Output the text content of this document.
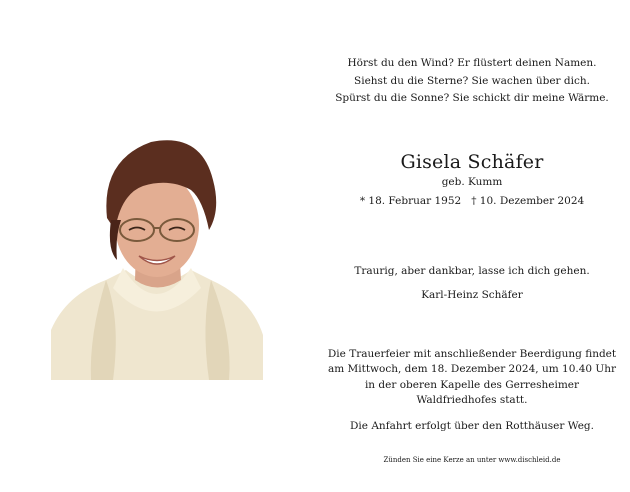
Hörst du den Wind? Er flüstert deinen Namen.
Siehst du die Sterne? Sie wachen über dich.
Spürst du die Sonne? Sie schickt dir meine Wärme.
Gisela Schäfer
geb. Kumm
* 18. Februar 1952 † 10. Dezember 2024
Traurig, aber dankbar, lasse ich dich gehen.
Karl-Heinz Schäfer
Die Trauerfeier mit anschließender Beerdigung findet
am Mittwoch, dem 18. Dezember 2024, um 10.40 Uhr
in der oberen Kapelle des Gerresheimer
Waldfriedhofes statt.
Die Anfahrt erfolgt über den Rotthäuser Weg.
Zünden Sie eine Kerze an unter www.dischleid.de
